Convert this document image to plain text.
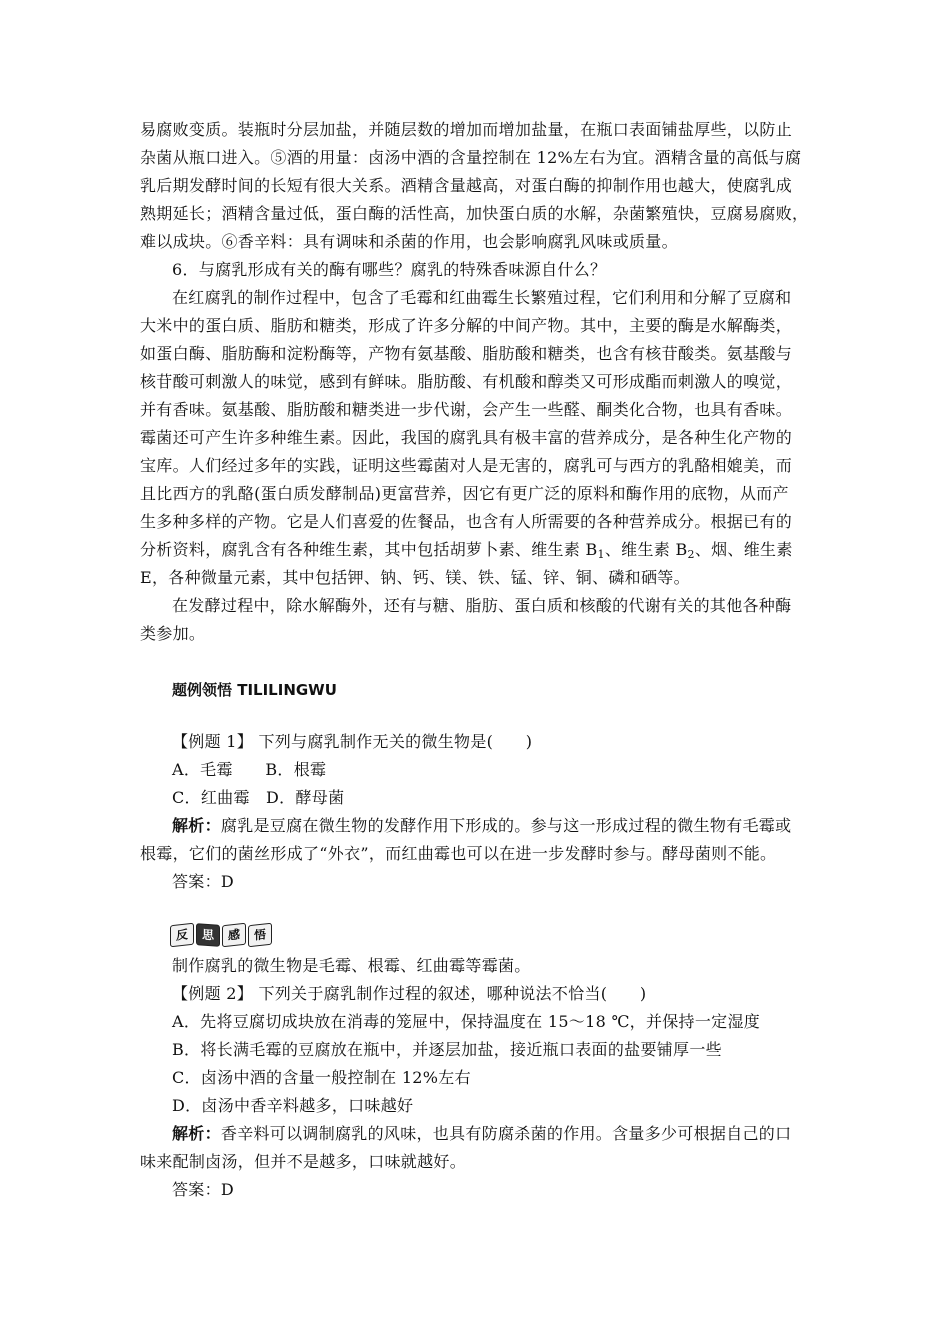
易腐败变质。装瓶时分层加盐，并随层数的增加而增加盐量，在瓶口表面铺盐厚些，以防止
杂菌从瓶口进入。⑤酒的用量：卤汤中酒的含量控制在 12%左右为宜。酒精含量的高低与腐
乳后期发酵时间的长短有很大关系。酒精含量越高，对蛋白酶的抑制作用也越大，使腐乳成
熟期延长；酒精含量过低，蛋白酶的活性高，加快蛋白质的水解，杂菌繁殖快，豆腐易腐败，
难以成块。⑥香辛料：具有调味和杀菌的作用，也会影响腐乳风味或质量。
6．与腐乳形成有关的酶有哪些？腐乳的特殊香味源自什么？
在红腐乳的制作过程中，包含了毛霉和红曲霉生长繁殖过程，它们利用和分解了豆腐和
大米中的蛋白质、脂肪和糖类，形成了许多分解的中间产物。其中，主要的酶是水解酶类，
如蛋白酶、脂肪酶和淀粉酶等，产物有氨基酸、脂肪酸和糖类，也含有核苷酸类。氨基酸与
核苷酸可刺激人的味觉，感到有鲜味。脂肪酸、有机酸和醇类又可形成酯而刺激人的嗅觉，
并有香味。氨基酸、脂肪酸和糖类进一步代谢，会产生一些醛、酮类化合物，也具有香味。
霉菌还可产生许多种维生素。因此，我国的腐乳具有极丰富的营养成分，是各种生化产物的
宝库。人们经过多年的实践，证明这些霉菌对人是无害的，腐乳可与西方的乳酪相媲美，而
且比西方的乳酪(蛋白质发酵制品)更富营养，因它有更广泛的原料和酶作用的底物，从而产
生多种多样的产物。它是人们喜爱的佐餐品，也含有人所需要的各种营养成分。根据已有的
分析资料，腐乳含有各种维生素，其中包括胡萝卜素、维生素 $B_1$、维生素 $B_2$、烟、维生素
E，各种微量元素，其中包括钾、钠、钙、镁、铁、锰、锌、铜、磷和硒等。
在发酵过程中，除水解酶外，还有与糖、脂肪、蛋白质和核酸的代谢有关的其他各种酶
类参加。
题例领悟 TILILINGWU
【例题 1】 下列与腐乳制作无关的微生物是(　　)
A．毛霉　　B．根霉
C．红曲霉　D．酵母菌
解析：腐乳是豆腐在微生物的发酵作用下形成的。参与这一形成过程的微生物有毛霉或
根霉，它们的菌丝形成了“外衣”，而红曲霉也可以在进一步发酵时参与。酵母菌则不能。
答案：D
反	思	感	悟
制作腐乳的微生物是毛霉、根霉、红曲霉等霉菌。
【例题 2】 下列关于腐乳制作过程的叙述，哪种说法不恰当(　　)
A．先将豆腐切成块放在消毒的笼屉中，保持温度在 15～18 ℃，并保持一定湿度
B．将长满毛霉的豆腐放在瓶中，并逐层加盐，接近瓶口表面的盐要铺厚一些
C．卤汤中酒的含量一般控制在 12%左右
D．卤汤中香辛料越多，口味越好
解析：香辛料可以调制腐乳的风味，也具有防腐杀菌的作用。含量多少可根据自己的口
味来配制卤汤，但并不是越多，口味就越好。
答案：D
